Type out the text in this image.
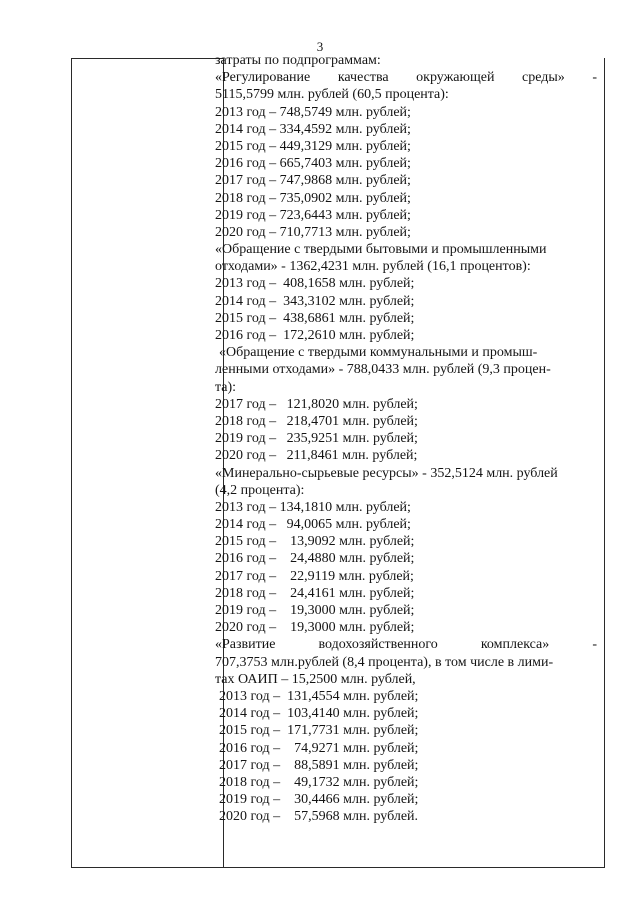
3
затраты по подпрограммам:
«Регулирование качества окружающей среды» -
5115,5799 млн. рублей (60,5 процента):
2013 год – 748,5749 млн. рублей;
2014 год – 334,4592 млн. рублей;
2015 год – 449,3129 млн. рублей;
2016 год – 665,7403 млн. рублей;
2017 год – 747,9868 млн. рублей;
2018 год – 735,0902 млн. рублей;
2019 год – 723,6443 млн. рублей;
2020 год – 710,7713 млн. рублей;
«Обращение с твердыми бытовыми и промышленными
отходами» - 1362,4231 млн. рублей (16,1 процентов):
2013 год –  408,1658 млн. рублей;
2014 год –  343,3102 млн. рублей;
2015 год –  438,6861 млн. рублей;
2016 год –  172,2610 млн. рублей;
«Обращение с твердыми коммунальными и промыш-
ленными отходами» - 788,0433 млн. рублей (9,3 процен-
та):
2017 год –   121,8020 млн. рублей;
2018 год –   218,4701 млн. рублей;
2019 год –   235,9251 млн. рублей;
2020 год –   211,8461 млн. рублей;
«Минерально-сырьевые ресурсы» - 352,5124 млн. рублей
(4,2 процента):
2013 год – 134,1810 млн. рублей;
2014 год –   94,0065 млн. рублей;
2015 год –    13,9092 млн. рублей;
2016 год –    24,4880 млн. рублей;
2017 год –    22,9119 млн. рублей;
2018 год –    24,4161 млн. рублей;
2019 год –    19,3000 млн. рублей;
2020 год –    19,3000 млн. рублей;
«Развитие водохозяйственного комплекса» -
707,3753 млн.рублей (8,4 процента), в том числе в лими-
тах ОАИП – 15,2500 млн. рублей,
2013 год –  131,4554 млн. рублей;
2014 год –  103,4140 млн. рублей;
2015 год –  171,7731 млн. рублей;
2016 год –    74,9271 млн. рублей;
2017 год –    88,5891 млн. рублей;
2018 год –    49,1732 млн. рублей;
2019 год –    30,4466 млн. рублей;
2020 год –    57,5968 млн. рублей.
